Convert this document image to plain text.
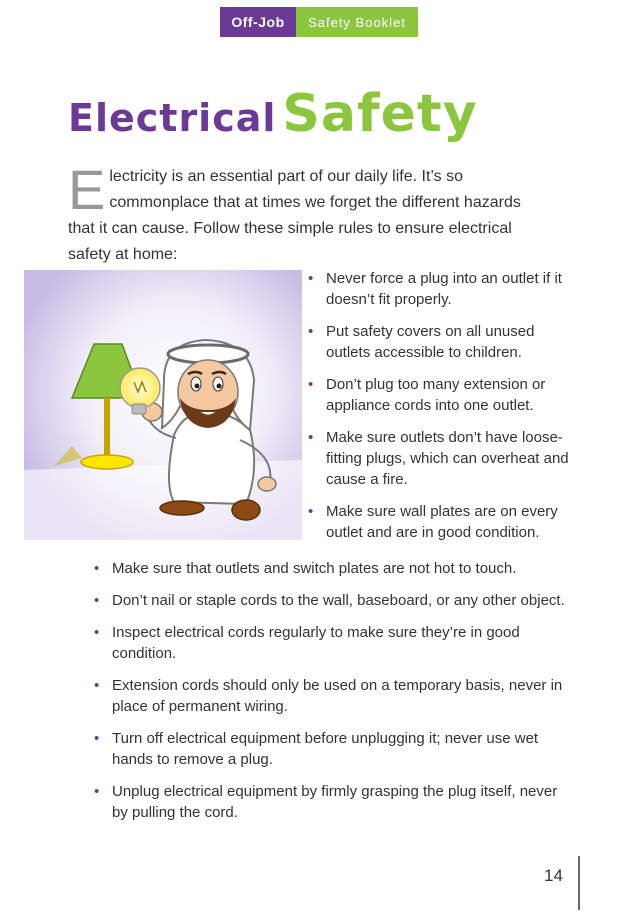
Off-Job	Safety Booklet
Electrical Safety
Electricity is an essential part of our daily life. It’s so commonplace that at times we forget the different hazards that it can cause. Follow these simple rules to ensure electrical safety at home:
• Never force a plug into an outlet if it doesn’t fit properly.
• Put safety covers on all unused outlets accessible to children.
• Don’t plug too many extension or appliance cords into one outlet.
• Make sure outlets don’t have loose-fitting plugs, which can overheat and cause a fire.
• Make sure wall plates are on every outlet and are in good condition.
• Make sure that outlets and switch plates are not hot to touch.
• Don’t nail or staple cords to the wall, baseboard, or any other object.
• Inspect electrical cords regularly to make sure they’re in good condition.
• Extension cords should only be used on a temporary basis, never in place of permanent wiring.
• Turn off electrical equipment before unplugging it; never use wet hands to remove a plug.
• Unplug electrical equipment by firmly grasping the plug itself, never by pulling the cord.
14
